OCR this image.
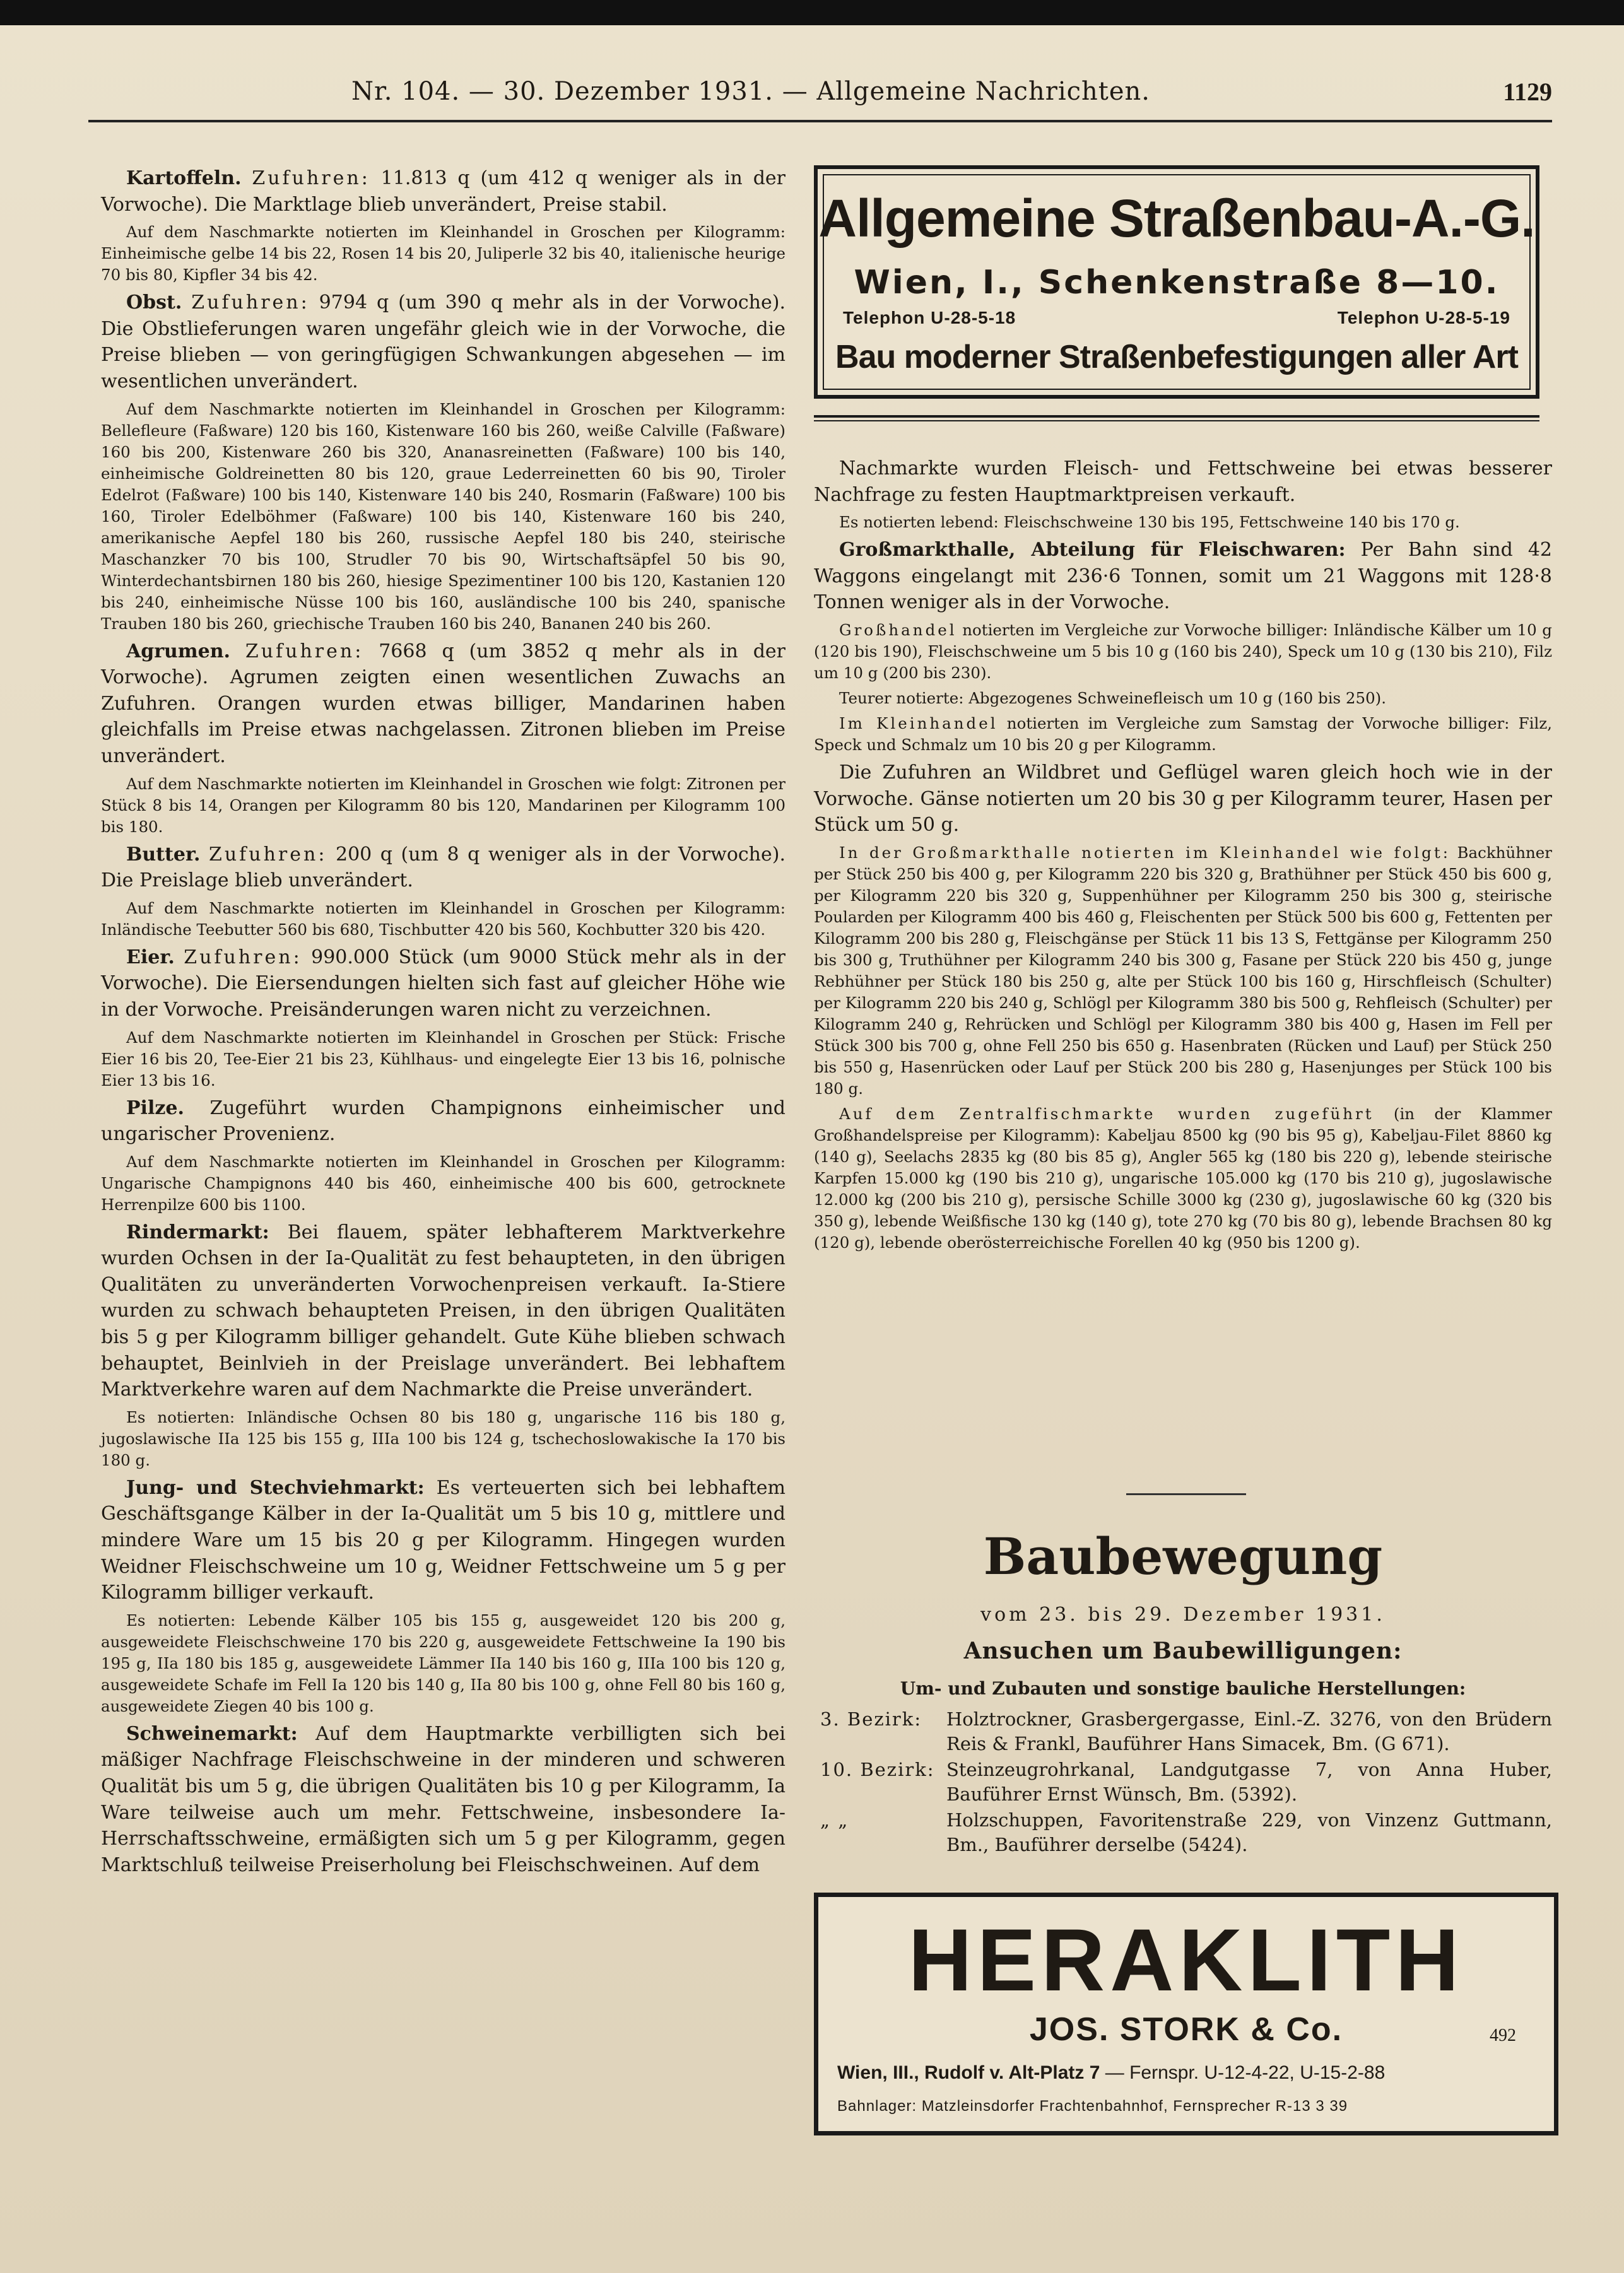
Nr. 104. — 30. Dezember 1931. — Allgemeine Nachrichten.	1129

Kartoffeln. Zufuhren: 11.813 q (um 412 q weniger als in der Vorwoche). Die Marktlage blieb unverändert, Preise stabil.

Auf dem Naschmarkte notierten im Kleinhandel in Groschen per Kilogramm: Einheimische gelbe 14 bis 22, Rosen 14 bis 20, Juliperle 32 bis 40, italienische heurige 70 bis 80, Kipfler 34 bis 42.

Obst. Zufuhren: 9794 q (um 390 q mehr als in der Vorwoche). Die Obstlieferungen waren ungefähr gleich wie in der Vorwoche, die Preise blieben — von geringfügigen Schwankungen abgesehen — im wesentlichen unverändert.

Auf dem Naschmarkte notierten im Kleinhandel in Groschen per Kilogramm: Bellefleure (Faßware) 120 bis 160, Kistenware 160 bis 260, weiße Calville (Faßware) 160 bis 200, Kistenware 260 bis 320, Ananasreinetten (Faßware) 100 bis 140, einheimische Goldreinetten 80 bis 120, graue Lederreinetten 60 bis 90, Tiroler Edelrot (Faßware) 100 bis 140, Kistenware 140 bis 240, Rosmarin (Faßware) 100 bis 160, Tiroler Edelböhmer (Faßware) 100 bis 140, Kistenware 160 bis 240, amerikanische Aepfel 180 bis 260, russische Aepfel 180 bis 240, steirische Maschanzker 70 bis 100, Strudler 70 bis 90, Wirtschaftsäpfel 50 bis 90, Winterdechantsbirnen 180 bis 260, hiesige Spezimentiner 100 bis 120, Kastanien 120 bis 240, einheimische Nüsse 100 bis 160, ausländische 100 bis 240, spanische Trauben 180 bis 260, griechische Trauben 160 bis 240, Bananen 240 bis 260.

Agrumen. Zufuhren: 7668 q (um 3852 q mehr als in der Vorwoche). Agrumen zeigten einen wesentlichen Zuwachs an Zufuhren. Orangen wurden etwas billiger, Mandarinen haben gleichfalls im Preise etwas nachgelassen. Zitronen blieben im Preise unverändert.

Auf dem Naschmarkte notierten im Kleinhandel in Groschen wie folgt: Zitronen per Stück 8 bis 14, Orangen per Kilogramm 80 bis 120, Mandarinen per Kilogramm 100 bis 180.

Butter. Zufuhren: 200 q (um 8 q weniger als in der Vorwoche). Die Preislage blieb unverändert.

Auf dem Naschmarkte notierten im Kleinhandel in Groschen per Kilogramm: Inländische Teebutter 560 bis 680, Tischbutter 420 bis 560, Kochbutter 320 bis 420.

Eier. Zufuhren: 990.000 Stück (um 9000 Stück mehr als in der Vorwoche). Die Eiersendungen hielten sich fast auf gleicher Höhe wie in der Vorwoche. Preisänderungen waren nicht zu verzeichnen.

Auf dem Naschmarkte notierten im Kleinhandel in Groschen per Stück: Frische Eier 16 bis 20, Tee-Eier 21 bis 23, Kühlhaus- und eingelegte Eier 13 bis 16, polnische Eier 13 bis 16.

Pilze. Zugeführt wurden Champignons einheimischer und ungarischer Provenienz.

Auf dem Naschmarkte notierten im Kleinhandel in Groschen per Kilogramm: Ungarische Champignons 440 bis 460, einheimische 400 bis 600, getrocknete Herrenpilze 600 bis 1100.

Rindermarkt: Bei flauem, später lebhafterem Marktverkehre wurden Ochsen in der Ia-Qualität zu fest behaupteten, in den übrigen Qualitäten zu unveränderten Vorwochenpreisen verkauft. Ia-Stiere wurden zu schwach behaupteten Preisen, in den übrigen Qualitäten bis 5 g per Kilogramm billiger gehandelt. Gute Kühe blieben schwach behauptet, Beinlvieh in der Preislage unverändert. Bei lebhaftem Marktverkehre waren auf dem Nachmarkte die Preise unverändert.

Es notierten: Inländische Ochsen 80 bis 180 g, ungarische 116 bis 180 g, jugoslawische IIa 125 bis 155 g, IIIa 100 bis 124 g, tschechoslowakische Ia 170 bis 180 g.

Jung- und Stechviehmarkt: Es verteuerten sich bei lebhaftem Geschäftsgange Kälber in der Ia-Qualität um 5 bis 10 g, mittlere und mindere Ware um 15 bis 20 g per Kilogramm. Hingegen wurden Weidner Fleischschweine um 10 g, Weidner Fettschweine um 5 g per Kilogramm billiger verkauft.

Es notierten: Lebende Kälber 105 bis 155 g, ausgeweidet 120 bis 200 g, ausgeweidete Fleischschweine 170 bis 220 g, ausgeweidete Fettschweine Ia 190 bis 195 g, IIa 180 bis 185 g, ausgeweidete Lämmer IIa 140 bis 160 g, IIIa 100 bis 120 g, ausgeweidete Schafe im Fell Ia 120 bis 140 g, IIa 80 bis 100 g, ohne Fell 80 bis 160 g, ausgeweidete Ziegen 40 bis 100 g.

Schweinemarkt: Auf dem Hauptmarkte verbilligten sich bei mäßiger Nachfrage Fleischschweine in der minderen und schweren Qualität bis um 5 g, die übrigen Qualitäten bis 10 g per Kilogramm, Ia Ware teilweise auch um mehr. Fettschweine, insbesondere Ia-Herrschaftsschweine, ermäßigten sich um 5 g per Kilogramm, gegen Marktschluß teilweise Preiserholung bei Fleischschweinen. Auf dem

Allgemeine Straßenbau-A.-G.
Wien, I., Schenkenstraße 8—10.
Telephon U-28-5-18	Telephon U-28-5-19
Bau moderner Straßenbefestigungen aller Art

Nachmarkte wurden Fleisch- und Fettschweine bei etwas besserer Nachfrage zu festen Hauptmarktpreisen verkauft.

Es notierten lebend: Fleischschweine 130 bis 195, Fettschweine 140 bis 170 g.

Großmarkthalle, Abteilung für Fleischwaren: Per Bahn sind 42 Waggons eingelangt mit 236·6 Tonnen, somit um 21 Waggons mit 128·8 Tonnen weniger als in der Vorwoche.

Großhandel notierten im Vergleiche zur Vorwoche billiger: Inländische Kälber um 10 g (120 bis 190), Fleischschweine um 5 bis 10 g (160 bis 240), Speck um 10 g (130 bis 210), Filz um 10 g (200 bis 230).

Teurer notierte: Abgezogenes Schweinefleisch um 10 g (160 bis 250).

Im Kleinhandel notierten im Vergleiche zum Samstag der Vorwoche billiger: Filz, Speck und Schmalz um 10 bis 20 g per Kilogramm.

Die Zufuhren an Wildbret und Geflügel waren gleich hoch wie in der Vorwoche. Gänse notierten um 20 bis 30 g per Kilogramm teurer, Hasen per Stück um 50 g.

In der Großmarkthalle notierten im Kleinhandel wie folgt: Backhühner per Stück 250 bis 400 g, per Kilogramm 220 bis 320 g, Brathühner per Stück 450 bis 600 g, per Kilogramm 220 bis 320 g, Suppenhühner per Kilogramm 250 bis 300 g, steirische Poularden per Kilogramm 400 bis 460 g, Fleischenten per Stück 500 bis 600 g, Fettenten per Kilogramm 200 bis 280 g, Fleischgänse per Stück 11 bis 13 S, Fettgänse per Kilogramm 250 bis 300 g, Truthühner per Kilogramm 240 bis 300 g, Fasane per Stück 220 bis 450 g, junge Rebhühner per Stück 180 bis 250 g, alte per Stück 100 bis 160 g, Hirschfleisch (Schulter) per Kilogramm 220 bis 240 g, Schlögl per Kilogramm 380 bis 500 g, Rehfleisch (Schulter) per Kilogramm 240 g, Rehrücken und Schlögl per Kilogramm 380 bis 400 g, Hasen im Fell per Stück 300 bis 700 g, ohne Fell 250 bis 650 g. Hasenbraten (Rücken und Lauf) per Stück 250 bis 550 g, Hasenrücken oder Lauf per Stück 200 bis 280 g, Hasenjunges per Stück 100 bis 180 g.

Auf dem Zentralfischmarkte wurden zugeführt (in der Klammer Großhandelspreise per Kilogramm): Kabeljau 8500 kg (90 bis 95 g), Kabeljau-Filet 8860 kg (140 g), Seelachs 2835 kg (80 bis 85 g), Angler 565 kg (180 bis 220 g), lebende steirische Karpfen 15.000 kg (190 bis 210 g), ungarische 105.000 kg (170 bis 210 g), jugoslawische 12.000 kg (200 bis 210 g), persische Schille 3000 kg (230 g), jugoslawische 60 kg (320 bis 350 g), lebende Weißfische 130 kg (140 g), tote 270 kg (70 bis 80 g), lebende Brachsen 80 kg (120 g), lebende oberösterreichische Forellen 40 kg (950 bis 1200 g).

Baubewegung
vom 23. bis 29. Dezember 1931.
Ansuchen um Baubewilligungen:
Um- und Zubauten und sonstige bauliche Herstellungen:
3. Bezirk:	Holztrockner, Grasbergergasse, Einl.-Z. 3276, von den Brüdern Reis & Frankl, Bauführer Hans Simacek, Bm. (G 671).
10. Bezirk: Steinzeugrohrkanal, Landgutgasse 7, von Anna Huber, Bauführer Ernst Wünsch, Bm. (5392).
„ „	Holzschuppen, Favoritenstraße 229, von Vinzenz Guttmann, Bm., Bauführer derselbe (5424).
HERAKLITH
JOS. STORK & Co.	492
Wien, III., Rudolf v. Alt-Platz 7 — Fernspr. U-12-4-22, U-15-2-88
Bahnlager: Matzleinsdorfer Frachtenbahnhof, Fernsprecher R-13 3 39
